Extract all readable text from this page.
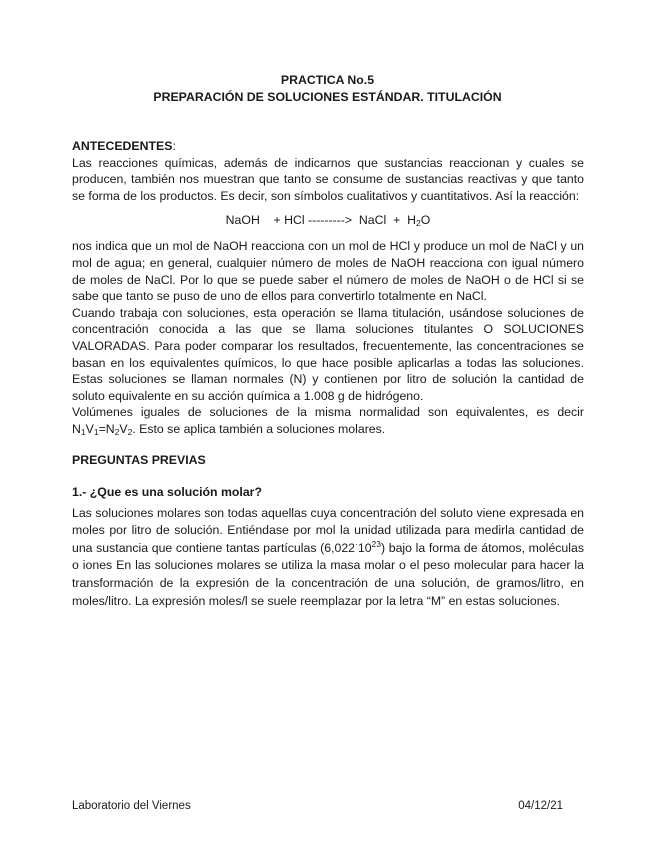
PRACTICA No.5
PREPARACIÓN DE SOLUCIONES ESTÁNDAR. TITULACIÓN
ANTECEDENTES:

Las reacciones químicas, además de indicarnos que sustancias reaccionan y cuales se producen, también nos muestran que tanto se consume de sustancias reactivas y que tanto se forma de los productos. Es decir, son símbolos cualitativos y cuantitativos. Así la reacción:

NaOH + HCl ---------> NaCl + $H_2O$

nos indica que un mol de NaOH reacciona con un mol de HCl y produce un mol de NaCl y un mol de agua; en general, cualquier número de moles de NaOH reacciona con igual número de moles de NaCl. Por lo que se puede saber el número de moles de NaOH o de HCl si se sabe que tanto se puso de uno de ellos para convertirlo totalmente en NaCl.

Cuando trabaja con soluciones, esta operación se llama titulación, usándose soluciones de concentración conocida a las que se llama soluciones titulantes O SOLUCIONES VALORADAS. Para poder comparar los resultados, frecuentemente, las concentraciones se basan en los equivalentes químicos, lo que hace posible aplicarlas a todas las soluciones. Estas soluciones se llaman normales (N) y contienen por litro de solución la cantidad de soluto equivalente en su acción química a 1.008 g de hidrógeno.

Volúmenes iguales de soluciones de la misma normalidad son equivalentes, es decir $N_1V_1=N_2V_2$. Esto se aplica también a soluciones molares.

PREGUNTAS PREVIAS
1.- ¿Que es una solución molar?

Las soluciones molares son todas aquellas cuya concentración del soluto viene expresada en moles por litro de solución. Entiéndase por mol la unidad utilizada para medirla cantidad de una sustancia que contiene tantas partículas $(6,022^\cdot 10^{23})$ bajo la forma de átomos, moléculas o iones En las soluciones molares se utiliza la masa molar o el peso molecular para hacer la transformación de la expresión de la concentración de una solución, de gramos/litro, en moles/litro. La expresión moles/l se suele reemplazar por la letra “M” en estas soluciones.

Laboratorio del Viernes	04/12/21
